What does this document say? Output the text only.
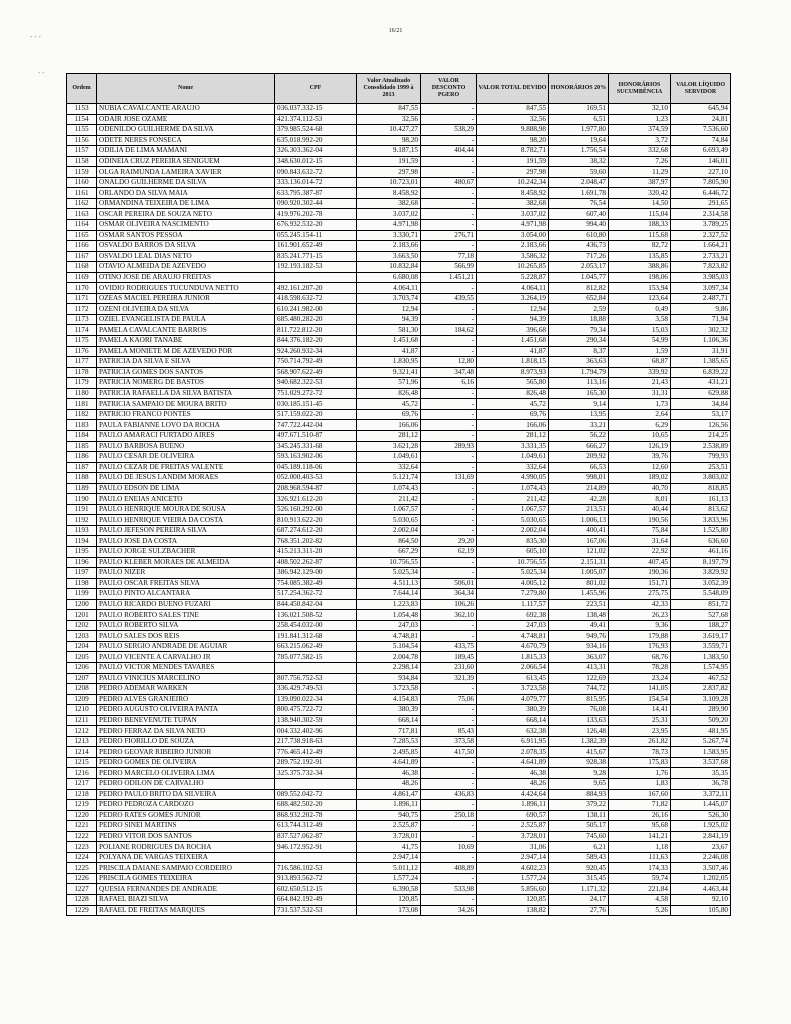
- - -
- -
16/21
Ordem	Nome	CPF	Valor Atualizado Consolidado 1999 à 2013	VALOR DESCONTO PGERO	VALOR TOTAL DEVIDO	HONORÁRIOS 20%	HONORÁRIOS SUCUMBÊNCIA	VALOR LÍQUIDO SERVIDOR
1153	NUBIA CAVALCANTE ARAUJO	036.037.332-15	847,55	-	847,55	169,51	32,10	645,94
1154	ODAIR JOSE OZAME	421.374.112-53	32,56	-	32,56	6,51	1,23	24,81
1155	ODENILDO GUILHERME DA SILVA	379.985.524-68	10.427,27	538,29	9.888,98	1.977,80	374,59	7.536,60
1156	ODETE NERES FONSECA	635.018.992-20	98,20	-	98,20	19,64	3,72	74,84
1157	ODILIA DE LIMA MAMANI	326.303.362-04	9.187,15	404,44	8.782,71	1.756,54	332,68	6.693,49
1158	ODINEIA CRUZ PEREIRA SENIGUEM	348.630.012-15	191,59	-	191,59	38,32	7,26	146,01
1159	OLGA RAIMUNDA LAMEIRA XAVIER	090.843.632-72	297,98	-	297,98	59,60	11,29	227,10
1160	ONALDO GUILHERME DA SILVA	333.136.014-72	10.723,01	480,67	10.242,34	2.048,47	387,97	7.805,90
1161	ORLANDO DA SILVA MAIA	633.795.387-87	8.458,92	-	8.458,92	1.691,78	320,42	6.446,72
1162	ORMANDINA TEIXEIRA DE LIMA	090.920.302-44	382,68	-	382,68	76,54	14,50	291,65
1163	OSCAR PEREIRA DE SOUZA NETO	419.976.202-78	3.037,02	-	3.037,02	607,40	115,04	2.314,58
1164	OSMAR OLIVEIRA NASCIMENTO	676.932.532-20	4.971,98	-	4.971,98	994,40	188,33	3.789,25
1165	OSMAR SANTOS PESSOA	055.245.154-11	3.330,71	276,71	3.054,00	610,80	115,68	2.327,52
1166	OSVALDO BARROS DA SILVA	161.901.652-49	2.183,66	-	2.183,66	436,73	82,72	1.664,21
1167	OSVALDO LEAL DIAS NETO	835.241.771-15	3.663,50	77,18	3.586,32	717,26	135,85	2.733,21
1168	OTAVIO ALMEIDA DE AZEVEDO	192.193.182-53	10.832,84	566,99	10.265,85	2.053,17	388,86	7.823,82
1169	OTINO JOSE DE ARAUJO FREITAS		6.680,08	1.451,21	5.228,87	1.045,77	198,06	3.985,03
1170	OVIDIO RODRIGUES TUCUNDUVA NETTO	492.161.207-20	4.064,11	-	4.064,11	812,82	153,94	3.097,34
1171	OZEAS MACIEL PEREIRA JUNIOR	418.598.632-72	3.703,74	439,55	3.264,19	652,84	123,64	2.487,71
1172	OZENI OLIVEIRA DA SILVA	610.241.982-00	12,94	-	12,94	2,59	0,49	9,86
1173	OZIEL EVANGELISTA DE PAULA	685.480.282-20	94,39	-	94,39	18,88	3,58	71,94
1174	PAMELA CAVALCANTE BARROS	811.722.812-20	581,30	184,62	396,68	79,34	15,03	302,32
1175	PAMELA KAORI TANABE	844.376.182-20	1.451,68	-	1.451,68	290,34	54,99	1.106,36
1176	PAMELA MONIETE M DE AZEVEDO POR	924.260.932-34	41,87	-	41,87	8,37	1,59	31,91
1177	PATRICIA DA SILVA E SILVA	750.714.792-49	1.830,95	12,80	1.818,15	363,63	68,87	1.385,65
1178	PATRICIA GOMES DOS SANTOS	568.907.622-49	9.321,41	347,48	8.973,93	1.794,79	339,92	6.839,22
1179	PATRICIA NOMERG DE BASTOS	940.682.322-53	571,96	6,16	565,80	113,16	21,43	431,21
1180	PATRICIA RAFAELLA DA SILVA BATISTA	751.029.272-72	826,48	-	826,48	165,30	31,31	629,88
1181	PATRICIA SAMPAIO DE MOURA BRITO	030.185.151-45	45,72	-	45,72	9,14	1,73	34,84
1182	PATRICIO FRANCO PONTES	517.159.022-20	69,76	-	69,76	13,95	2,64	53,17
1183	PAULA FABIANNE LOVO DA ROCHA	747.722.442-04	166,06	-	166,06	33,21	6,29	126,56
1184	PAULO AMARACI FURTADO AIRES	497.671.510-87	281,12	-	281,12	56,22	10,65	214,25
1185	PAULO BARBOSA BUENO	345.245.331-68	3.621,28	289,93	3.331,35	666,27	126,19	2.538,89
1186	PAULO CESAR DE OLIVEIRA	593.163.902-06	1.049,61	-	1.049,61	209,92	39,76	799,93
1187	PAULO CEZAR DE FREITAS VALENTE	045.189.118-06	332,64	-	332,64	66,53	12,60	253,51
1188	PAULO DE JESUS LANDIM MORAES	052.000.403-53	5.121,74	131,69	4.990,05	998,01	189,02	3.803,02
1189	PAULO EDSON DE LIMA	208.968.594-87	1.074,43	-	1.074,43	214,89	40,70	818,85
1190	PAULO ENEIAS ANICETO	326.921.612-20	211,42	-	211,42	42,28	8,01	161,13
1191	PAULO HENRIQUE MOURA DE SOUSA	526.160.292-00	1.067,57	-	1.067,57	213,51	40,44	813,62
1192	PAULO HENRIQUE VIEIRA DA COSTA	810.913.622-20	5.030,65	-	5.030,65	1.006,13	190,56	3.833,96
1193	PAULO JEFESON PEREIRA SILVA	687.274.612-20	2.002,04	-	2.002,04	400,41	75,84	1.525,80
1194	PAULO JOSE DA COSTA	768.351.202-82	864,50	29,20	835,30	167,06	31,64	636,60
1195	PAULO JORGE SULZBACHER	415.213.311-20	667,29	62,19	605,10	121,02	22,92	461,16
1196	PAULO KLEBER MORAES DE ALMEIDA	408.502.262-87	10.756,55	-	10.756,55	2.151,31	407,45	8.197,79
1197	PAULO NIZER	386.942.129-00	5.025,34	-	5.025,34	1.005,07	190,36	3.829,92
1198	PAULO OSCAR FREITAS SILVA	754.085.382-49	4.511,13	506,01	4.005,12	801,02	151,71	3.052,39
1199	PAULO PINTO ALCANTARA	517.254.362-72	7.644,14	364,34	7.279,80	1.455,96	275,75	5.548,09
1200	PAULO RICARDO BUENO FUZARI	844.450.842-04	1.223,83	106,26	1.117,57	223,51	42,33	851,72
1201	PAULO ROBERTO SALES TINE	136.021.508-52	1.054,48	362,10	692,38	138,48	26,23	527,68
1202	PAULO ROBERTO SILVA	258.454.032-00	247,03	-	247,03	49,41	9,36	188,27
1203	PAULO SALES DOS REIS	191.841.312-68	4.748,81	-	4.748,81	949,76	179,88	3.619,17
1204	PAULO SERGIO ANDRADE DE AGUIAR	663.215.062-49	5.104,54	433,75	4.670,79	934,16	176,93	3.559,71
1205	PAULO VICENTE A CARVALHO JR	785.077.582-15	2.004,78	189,45	1.815,33	363,07	68,76	1.383,50
1206	PAULO VICTOR MENDES TAVARES		2.298,14	231,60	2.066,54	413,31	78,28	1.574,95
1207	PAULO VINICIUS MARCELINO	807.756.752-53	934,84	321,39	613,45	122,69	23,24	467,52
1208	PEDRO ADEMAR WARKEN	336.429.749-53	3.723,58	-	3.723,58	744,72	141,05	2.837,82
1209	PEDRO ALVES GRANJEIRO	139.090.022-34	4.154,83	75,06	4.079,77	815,95	154,54	3.109,28
1210	PEDRO AUGUSTO OLIVEIRA PANTA	800.475.722-72	380,39	-	380,39	76,08	14,41	289,90
1211	PEDRO BENEVENUTE TUPAN	138.940.302-59	668,14	-	668,14	133,63	25,31	509,20
1212	PEDRO FERRAZ DA SILVA NETO	004.332.402-96	717,81	85,43	632,38	126,48	23,95	481,95
1213	PEDRO FIORILLO DE SOUZA	217.738.918-63	7.285,53	373,58	6.911,95	1.382,39	261,82	5.267,74
1214	PEDRO GEOVAR RIBEIRO JUNIOR	776.465.412-49	2.495,85	417,50	2.078,35	415,67	78,73	1.583,95
1215	PEDRO GOMES DE OLIVEIRA	289.752.192-91	4.641,89	-	4.641,89	928,38	175,83	3.537,68
1216	PEDRO MARCELO OLIVEIRA LIMA	325.375.732-34	46,38	-	46,38	9,28	1,76	35,35
1217	PEDRO ODILON DE CARVALHO		48,26	-	48,26	9,65	1,83	36,78
1218	PEDRO PAULO BRITO DA SILVEIRA	089.552.042-72	4.861,47	436,83	4.424,64	884,93	167,60	3.372,11
1219	PEDRO PEDROZA CARDOZO	688.482.502-20	1.896,11	-	1.896,11	379,22	71,82	1.445,07
1220	PEDRO RATES GOMES JUNIOR	868.932.202-78	940,75	250,18	690,57	138,11	26,16	526,30
1221	PEDRO SINEI MARTINS	613.744.312-49	2.525,87	-	2.525,87	505,17	95,68	1.925,02
1222	PEDRO VITOR DOS SANTOS	837.527.062-87	3.728,01	-	3.728,01	745,60	141,21	2.841,19
1223	POLIANE RODRIGUES DA ROCHA	946.172.952-91	41,75	10,69	31,06	6,21	1,18	23,67
1224	POLYANA DE VARGAS TEIXEIRA		2.947,14	-	2.947,14	589,43	111,63	2.246,08
1225	PRISCILA DAIANE SAMPAIO CORDEIRO	716.586.102-53	5.011,12	408,89	4.602,23	920,45	174,33	3.507,46
1226	PRISCILA GOMES TEIXEIRA	913.893.562-72	1.577,24	-	1.577,24	315,45	59,74	1.202,05
1227	QUESIA FERNANDES DE ANDRADE	602.650.512-15	6.390,58	533,98	5.856,60	1.171,32	221,84	4.463,44
1228	RAFAEL BIAZI SILVA	664.842.192-49	120,85	-	120,85	24,17	4,58	92,10
1229	RAFAEL DE FREITAS MARQUES	731.537.532-53	173,08	34,26	138,82	27,76	5,26	105,80
